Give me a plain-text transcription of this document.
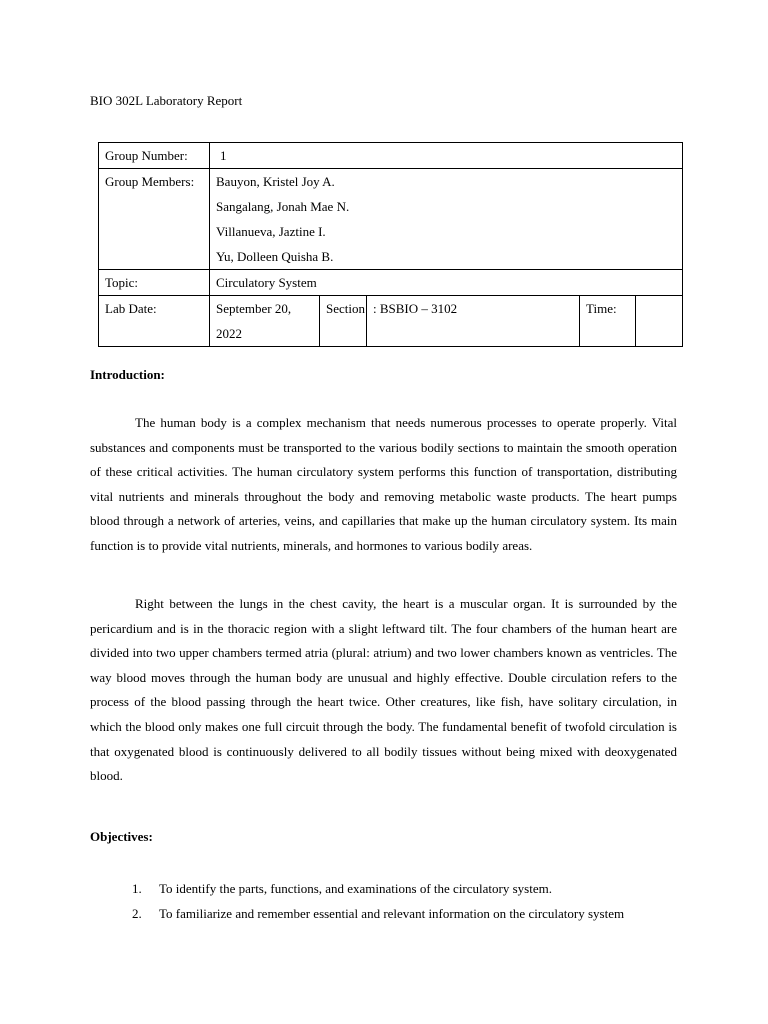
BIO 302L Laboratory Report
Group Number:	1				
Group Members:	Bauyon, Kristel Joy A.
Sangalang, Jonah Mae N.
Villanueva, Jaztine I.
Yu, Dolleen Quisha B.				

Topic:	Circulatory System				
Lab Date:	September 20, 2022	Section	: BSBIO – 3102	Time:	
Introduction:
The human body is a complex mechanism that needs numerous processes to operate properly. Vital substances and components must be transported to the various bodily sections to maintain the smooth operation of these critical activities. The human circulatory system performs this function of transportation, distributing vital nutrients and minerals throughout the body and removing metabolic waste products. The heart pumps blood through a network of arteries, veins, and capillaries that make up the human circulatory system. Its main function is to provide vital nutrients, minerals, and hormones to various bodily areas.
Right between the lungs in the chest cavity, the heart is a muscular organ. It is surrounded by the pericardium and is in the thoracic region with a slight leftward tilt. The four chambers of the human heart are divided into two upper chambers termed atria (plural: atrium) and two lower chambers known as ventricles. The way blood moves through the human body are unusual and highly effective. Double circulation refers to the process of the blood passing through the heart twice. Other creatures, like fish, have solitary circulation, in which the blood only makes one full circuit through the body. The fundamental benefit of twofold circulation is that oxygenated blood is continuously delivered to all bodily tissues without being mixed with deoxygenated blood.
Objectives:
1. To identify the parts, functions, and examinations of the circulatory system.
2. To familiarize and remember essential and relevant information on the circulatory system
